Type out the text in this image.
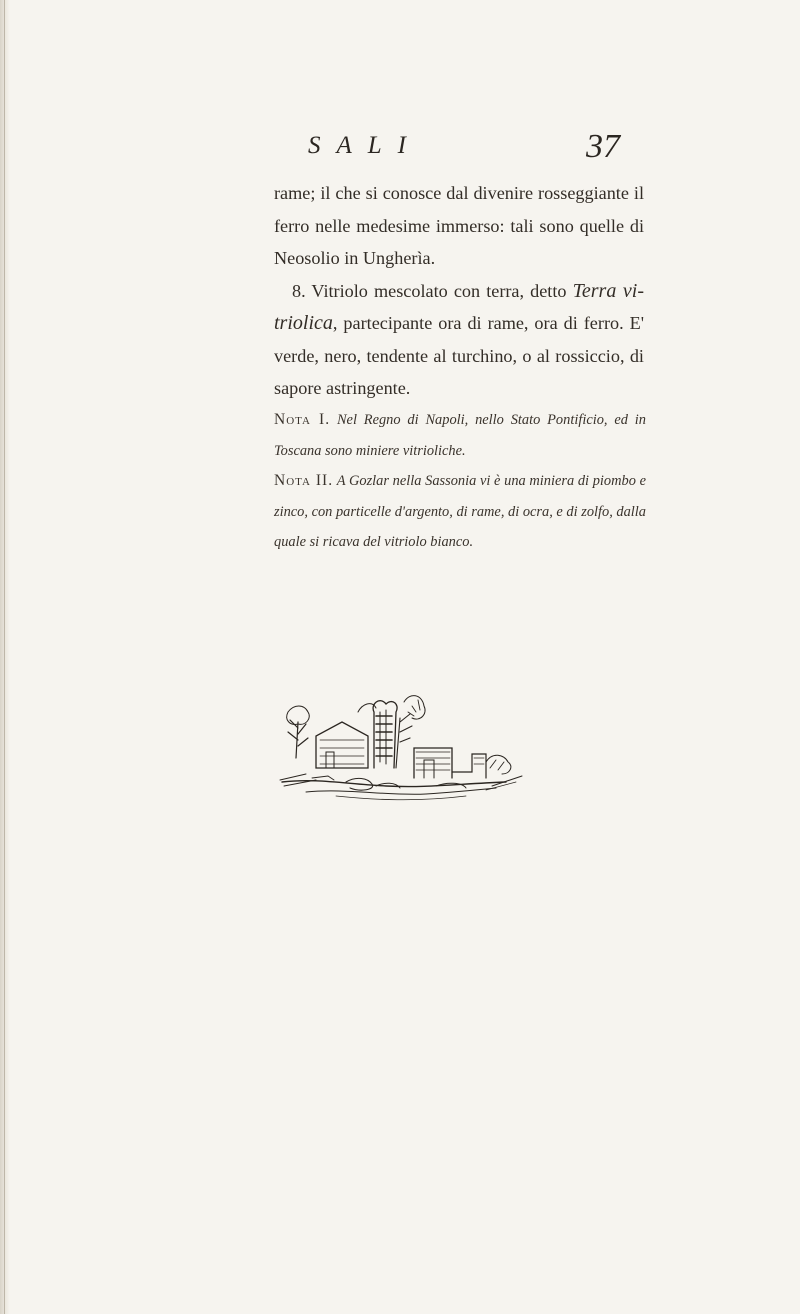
SALI	37

rame; il che si conosce dal divenire rosseggiante il ferro nelle medesime immerso: tali sono quelle di Neosolio in Ungherìa.

8. Vitriolo mescolato con terra, detto Terra vitriolica, partecipante ora di rame, ora di ferro. E' verde, nero, tendente al turchino, o al rossiccio, di sapore astringente.

Nota I. Nel Regno di Napoli, nello Stato Pontificio, ed in Toscana sono miniere vitrioliche.

Nota II. A Gozlar nella Sassonia vi è una miniera di piombo e zinco, con particelle d'argento, di rame, di ocra, e di zolfo, dalla quale si ricava del vitriolo bianco.
